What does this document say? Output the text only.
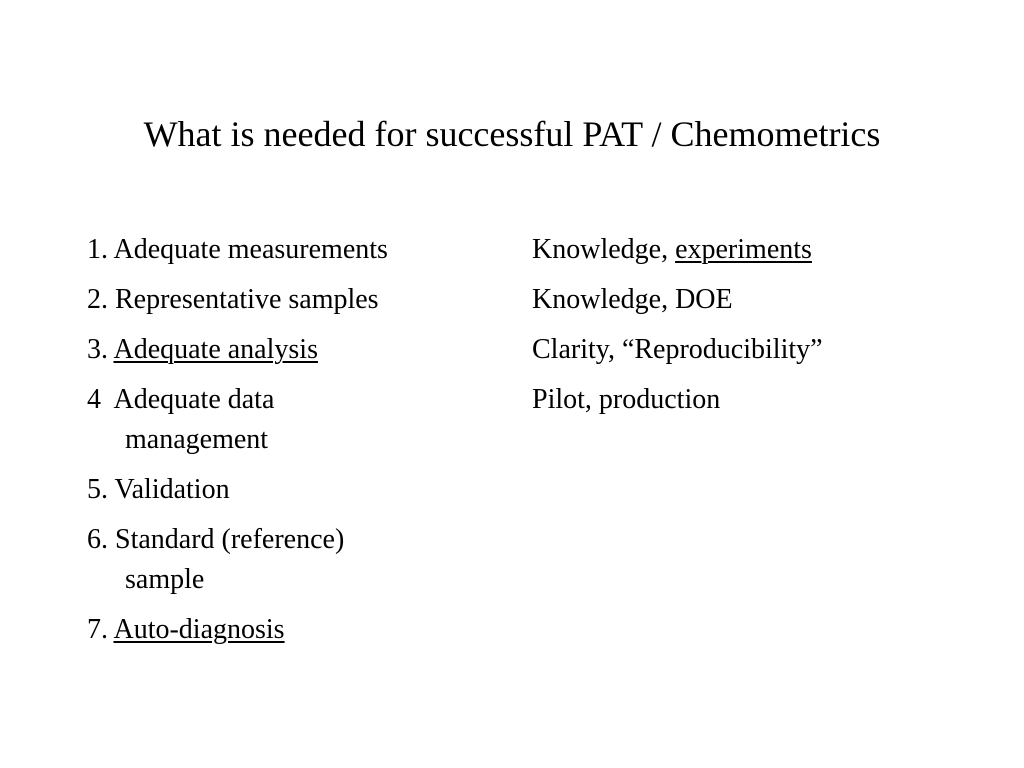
What is needed for successful PAT / Chemometrics
1. Adequate measurements
2. Representative samples
3. Adequate analysis
4  Adequate data
management
5. Validation
6. Standard (reference)
sample
7. Auto-diagnosis
Knowledge, experiments
Knowledge, DOE
Clarity, “Reproducibility”
Pilot, production
